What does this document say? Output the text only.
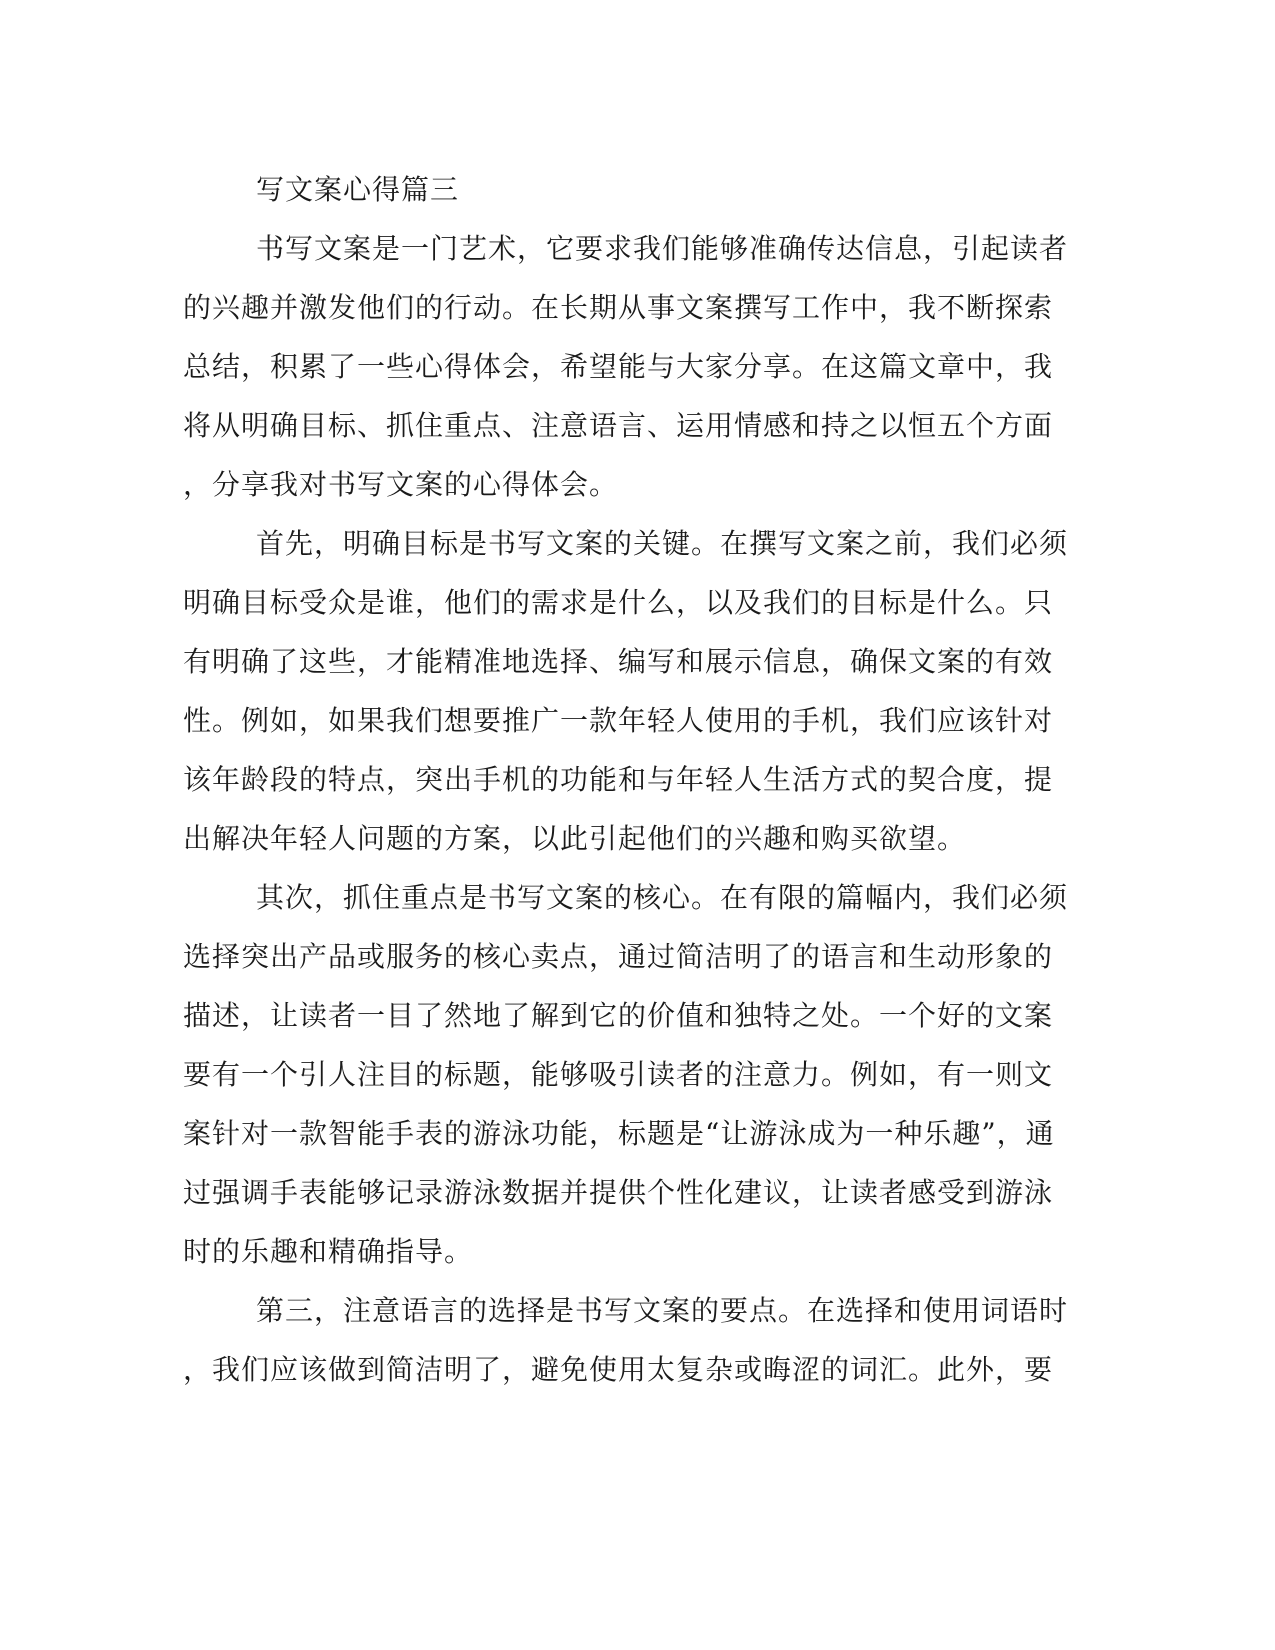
写文案心得篇三
书写文案是一门艺术，它要求我们能够准确传达信息，引起读者
的兴趣并激发他们的行动。在长期从事文案撰写工作中，我不断探索
总结，积累了一些心得体会，希望能与大家分享。在这篇文章中，我
将从明确目标、抓住重点、注意语言、运用情感和持之以恒五个方面
，分享我对书写文案的心得体会。
首先，明确目标是书写文案的关键。在撰写文案之前，我们必须
明确目标受众是谁，他们的需求是什么，以及我们的目标是什么。只
有明确了这些，才能精准地选择、编写和展示信息，确保文案的有效
性。例如，如果我们想要推广一款年轻人使用的手机，我们应该针对
该年龄段的特点，突出手机的功能和与年轻人生活方式的契合度，提
出解决年轻人问题的方案，以此引起他们的兴趣和购买欲望。
其次，抓住重点是书写文案的核心。在有限的篇幅内，我们必须
选择突出产品或服务的核心卖点，通过简洁明了的语言和生动形象的
描述，让读者一目了然地了解到它的价值和独特之处。一个好的文案
要有一个引人注目的标题，能够吸引读者的注意力。例如，有一则文
案针对一款智能手表的游泳功能，标题是“让游泳成为一种乐趣”，通
过强调手表能够记录游泳数据并提供个性化建议，让读者感受到游泳
时的乐趣和精确指导。
第三，注意语言的选择是书写文案的要点。在选择和使用词语时
，我们应该做到简洁明了，避免使用太复杂或晦涩的词汇。此外，要
